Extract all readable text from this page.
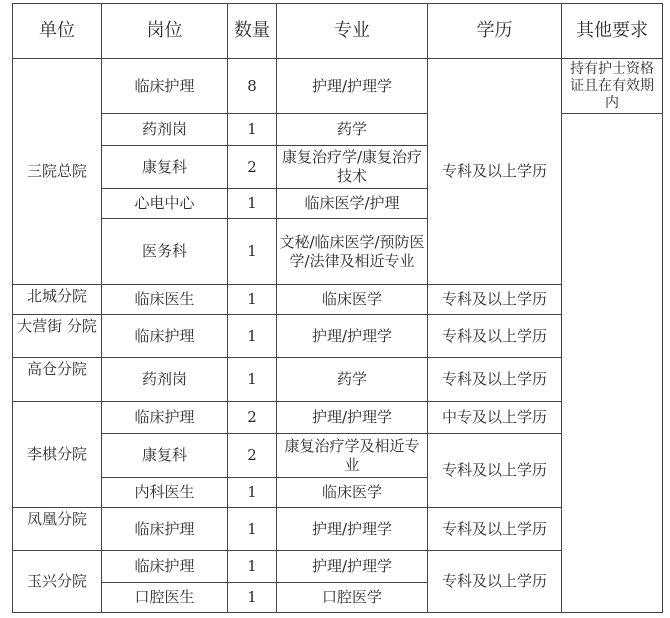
单位	岗位	数量	专业	学历	其他要求
三院总院	临床护理	8	护理/护理学	专科及以上学历	持有护士资格证且在有效期内
	药剂岗	1	药学		
	康复科	2	康复治疗学/康复治疗技术		
	心电中心	1	临床医学/护理		
	医务科	1	文秘/临床医学/预防医学/法律及相近专业		
北城分院	临床医生	1	临床医学	专科及以上学历	
大营街 分院	临床护理	1	护理/护理学	专科及以上学历	
高仓分院	药剂岗	1	药学	专科及以上学历	
李棋分院	临床护理	2	护理/护理学	中专及以上学历	
	康复科	2	康复治疗学及相近专业	专科及以上学历	
	内科医生	1	临床医学		
凤凰分院	临床护理	1	护理/护理学	专科及以上学历	
玉兴分院	临床护理	1	护理/护理学	专科及以上学历	
	口腔医生	1	口腔医学		
